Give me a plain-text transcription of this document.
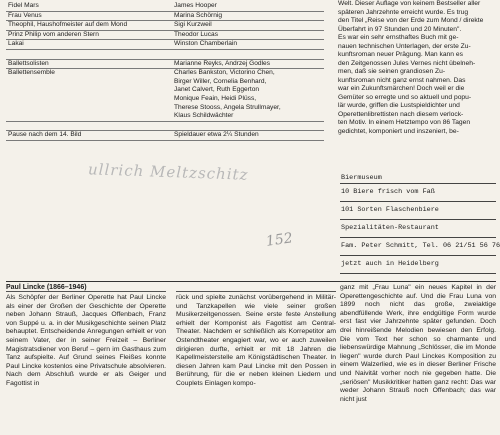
Fidel Mars	James Hooper
Frau Venus	Marina Schörnig
Theophil, Haushofmeister auf dem Mond	Sigi Kurzweil
Prinz Philip vom anderen Stern	Theodor Lucas
Lakai	Winston Chamberlain
Ballettsolisten	Marianne Reyks, Andrzej Godles
Ballettensemble	Charles Bankston, Victorino Chen,
Birger Willer, Cornelia Benhard,
Janet Calvert, Ruth Eggerton
Monique Feain, Heidi Plüss,
Therese Stooss, Angela Strullmayer,
Klaus Schildwächter
Pause nach dem 14. Bild	Spieldauer etwa 2¼ Stunden
Welt. Dieser Auflage von keinem Bestseller aller
späteren Jahrzehnte erreicht wurde. Es trug
den Titel „Reise von der Erde zum Mond / direkte
Überfahrt in 97 Stunden und 20 Minuten".
Es war ein sehr ernsthaftes Buch mit ge-
nauen technischen Unterlagen, der erste Zu-
kunftsroman neuer Prägung. Man kann es
den Zeitgenossen Jules Vernes nicht übelneh-
men, daß sie seinen grandiosen Zu-
kunftsroman nicht ganz ernst nahmen. Das
war ein Zukunftsmärchen! Doch weil er die
Gemüter so erregte und so aktuell und popu-
lär wurde, griffen die Lustspieldichter und
Operettenlibrettisten nach diesem verlock-
ten Motiv. In einem Hetztempo von 86 Tagen
gedichtet, komponiert und inszeniert, be-
ullrich Meltzschitz
152
Biermuseum
10 Biere frisch vom Faß
101 Sorten Flaschenbiere
Spezialitäten-Restaurant
Fam. Peter Schmitt, Tel. 06 21/51 56 76
jetzt auch in Heidelberg
Paul Lincke (1866–1946)

Als Schöpfer der Berliner Operette hat Paul Lincke als einer der Großen der Geschichte der Operette neben Johann Strauß, Jacques Offenbach, Franz von Suppé u. a. in der Musikgeschichte seinen Platz behauptet. Entscheidende Anregungen erhielt er von seinem Vater, der in seiner Freizeit – Berliner Magistratsdiener von Beruf – gern im Gasthaus zum Tanz aufspielte. Auf Grund seines Fleißes konnte Paul Lincke kostenlos eine Privatschule absolvieren. Nach dem Abschluß wurde er als Geiger und Fagottist in

rück und spielte zunächst vorübergehend in Militär- und Tanzkapellen wie viele seiner großen Musikerzeitgenossen. Seine erste feste Anstellung erhielt der Komponist als Fagottist am Central-Theater. Nachdem er schließlich als Korrepetitor am Ostendtheater engagiert war, wo er auch zuweilen dirigieren durfte, erhielt er mit 18 Jahren die Kapellmeisterstelle am Königstädtischen Theater. In diesen Jahren kam Paul Lincke mit den Possen in Berührung, für die er neben kleinen Liedern und Couplets Einlagen kompo-

ganz mit „Frau Luna" ein neues Kapitel in der Operettengeschichte auf. Und die Frau Luna von 1899 noch nicht das große, zweiaktige abendfüllende Werk, ihre endgültige Form wurde erst fast vier Jahrzehnte später gefunden. Doch drei hinreißende Melodien bewiesen den Erfolg. Die vom Text her schon so charmante und liebenswürdige Mahnung „Schlösser, die im Monde liegen" wurde durch Paul Linckes Komposition zu einem Walzerlied, wie es in dieser Berliner Frische und Naivität vorher noch nie gegeben hatte. Die „seriösen" Musikkritiker hatten ganz recht: Das war weder Johann Strauß noch Offenbach; das war nicht just
